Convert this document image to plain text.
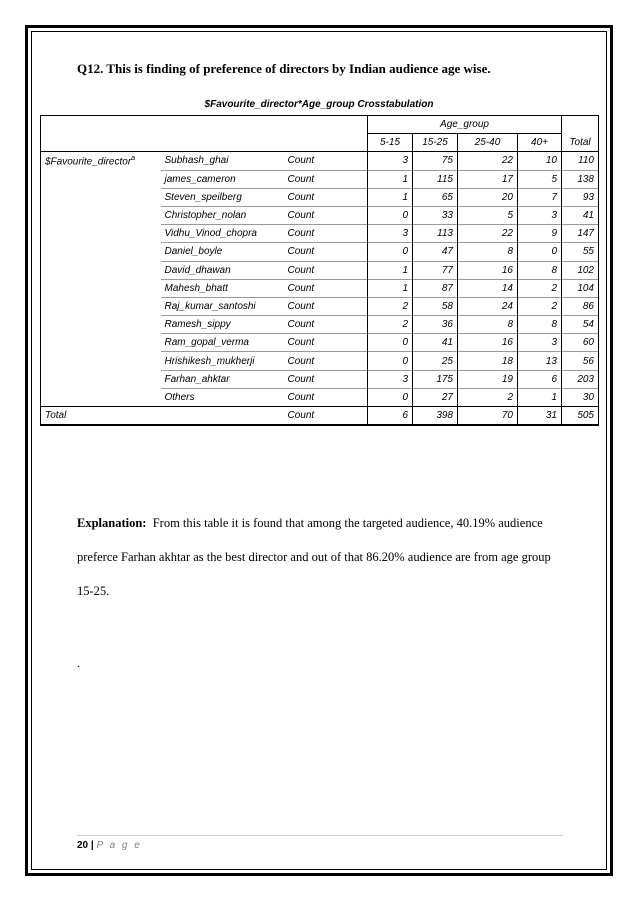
Q12. This is finding of preference of directors by Indian audience age wise.
$Favourite_director*Age_group Crosstabulation
			Age_group				
			5-15	15-25	25-40	40+	Total
$Favourite_director$^a$	Subhash_ghai	Count	3	75	22	10	110
	james_cameron	Count	1	115	17	5	138
	Steven_speilberg	Count	1	65	20	7	93
	Christopher_nolan	Count	0	33	5	3	41
	Vidhu_Vinod_chopra	Count	3	113	22	9	147
	Daniel_boyle	Count	0	47	8	0	55
	David_dhawan	Count	1	77	16	8	102
	Mahesh_bhatt	Count	1	87	14	2	104
	Raj_kumar_santoshi	Count	2	58	24	2	86
	Ramesh_sippy	Count	2	36	8	8	54
	Ram_gopal_verma	Count	0	41	16	3	60
	Hrishikesh_mukherji	Count	0	25	18	13	56
	Farhan_ahktar	Count	3	175	19	6	203
	Others	Count	0	27	2	1	30
Total		Count	6	398	70	31	505
Explanation: From this table it is found that among the targeted audience, 40.19% audience preferce Farhan akhtar as the best director and out of that 86.20% audience are from age group 15-25.
.
20 | P a g e
